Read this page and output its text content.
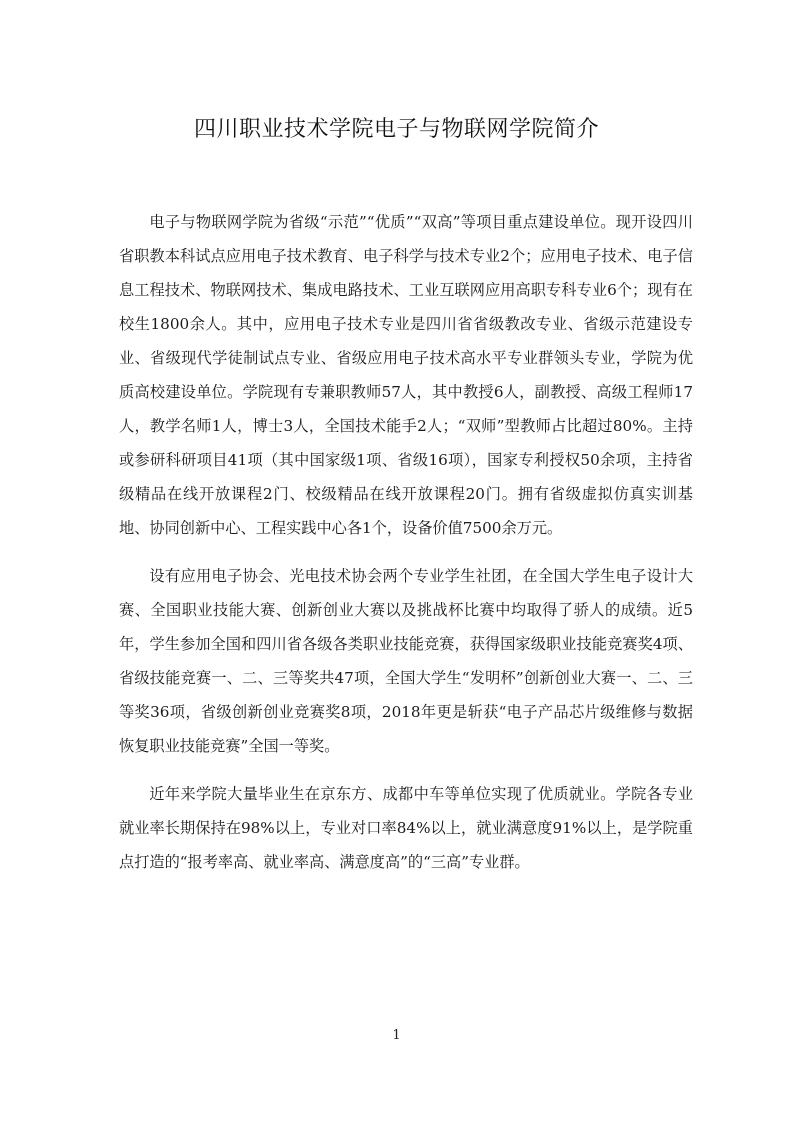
四川职业技术学院电子与物联网学院简介

电子与物联网学院为省级“示范”“优质”“双高”等项目重点建设单位。现开设四川省职教本科试点应用电子技术教育、电子科学与技术专业2个；应用电子技术、电子信息工程技术、物联网技术、集成电路技术、工业互联网应用高职专科专业6个；现有在校生1800余人。其中，应用电子技术专业是四川省省级教改专业、省级示范建设专业、省级现代学徒制试点专业、省级应用电子技术高水平专业群领头专业，学院为优质高校建设单位。学院现有专兼职教师57人，其中教授6人，副教授、高级工程师17人，教学名师1人，博士3人，全国技术能手2人；“双师”型教师占比超过80%。主持或参研科研项目41项（其中国家级1项、省级16项），国家专利授权50余项，主持省级精品在线开放课程2门、校级精品在线开放课程20门。拥有省级虚拟仿真实训基地、协同创新中心、工程实践中心各1个，设备价值7500余万元。

设有应用电子协会、光电技术协会两个专业学生社团，在全国大学生电子设计大赛、全国职业技能大赛、创新创业大赛以及挑战杯比赛中均取得了骄人的成绩。近5年，学生参加全国和四川省各级各类职业技能竞赛，获得国家级职业技能竞赛奖4项、省级技能竞赛一、二、三等奖共47项，全国大学生“发明杯”创新创业大赛一、二、三等奖36项，省级创新创业竞赛奖8项，2018年更是斩获“电子产品芯片级维修与数据恢复职业技能竞赛”全国一等奖。

近年来学院大量毕业生在京东方、成都中车等单位实现了优质就业。学院各专业就业率长期保持在98%以上，专业对口率84%以上，就业满意度91%以上，是学院重点打造的“报考率高、就业率高、满意度高”的“三高”专业群。

1
